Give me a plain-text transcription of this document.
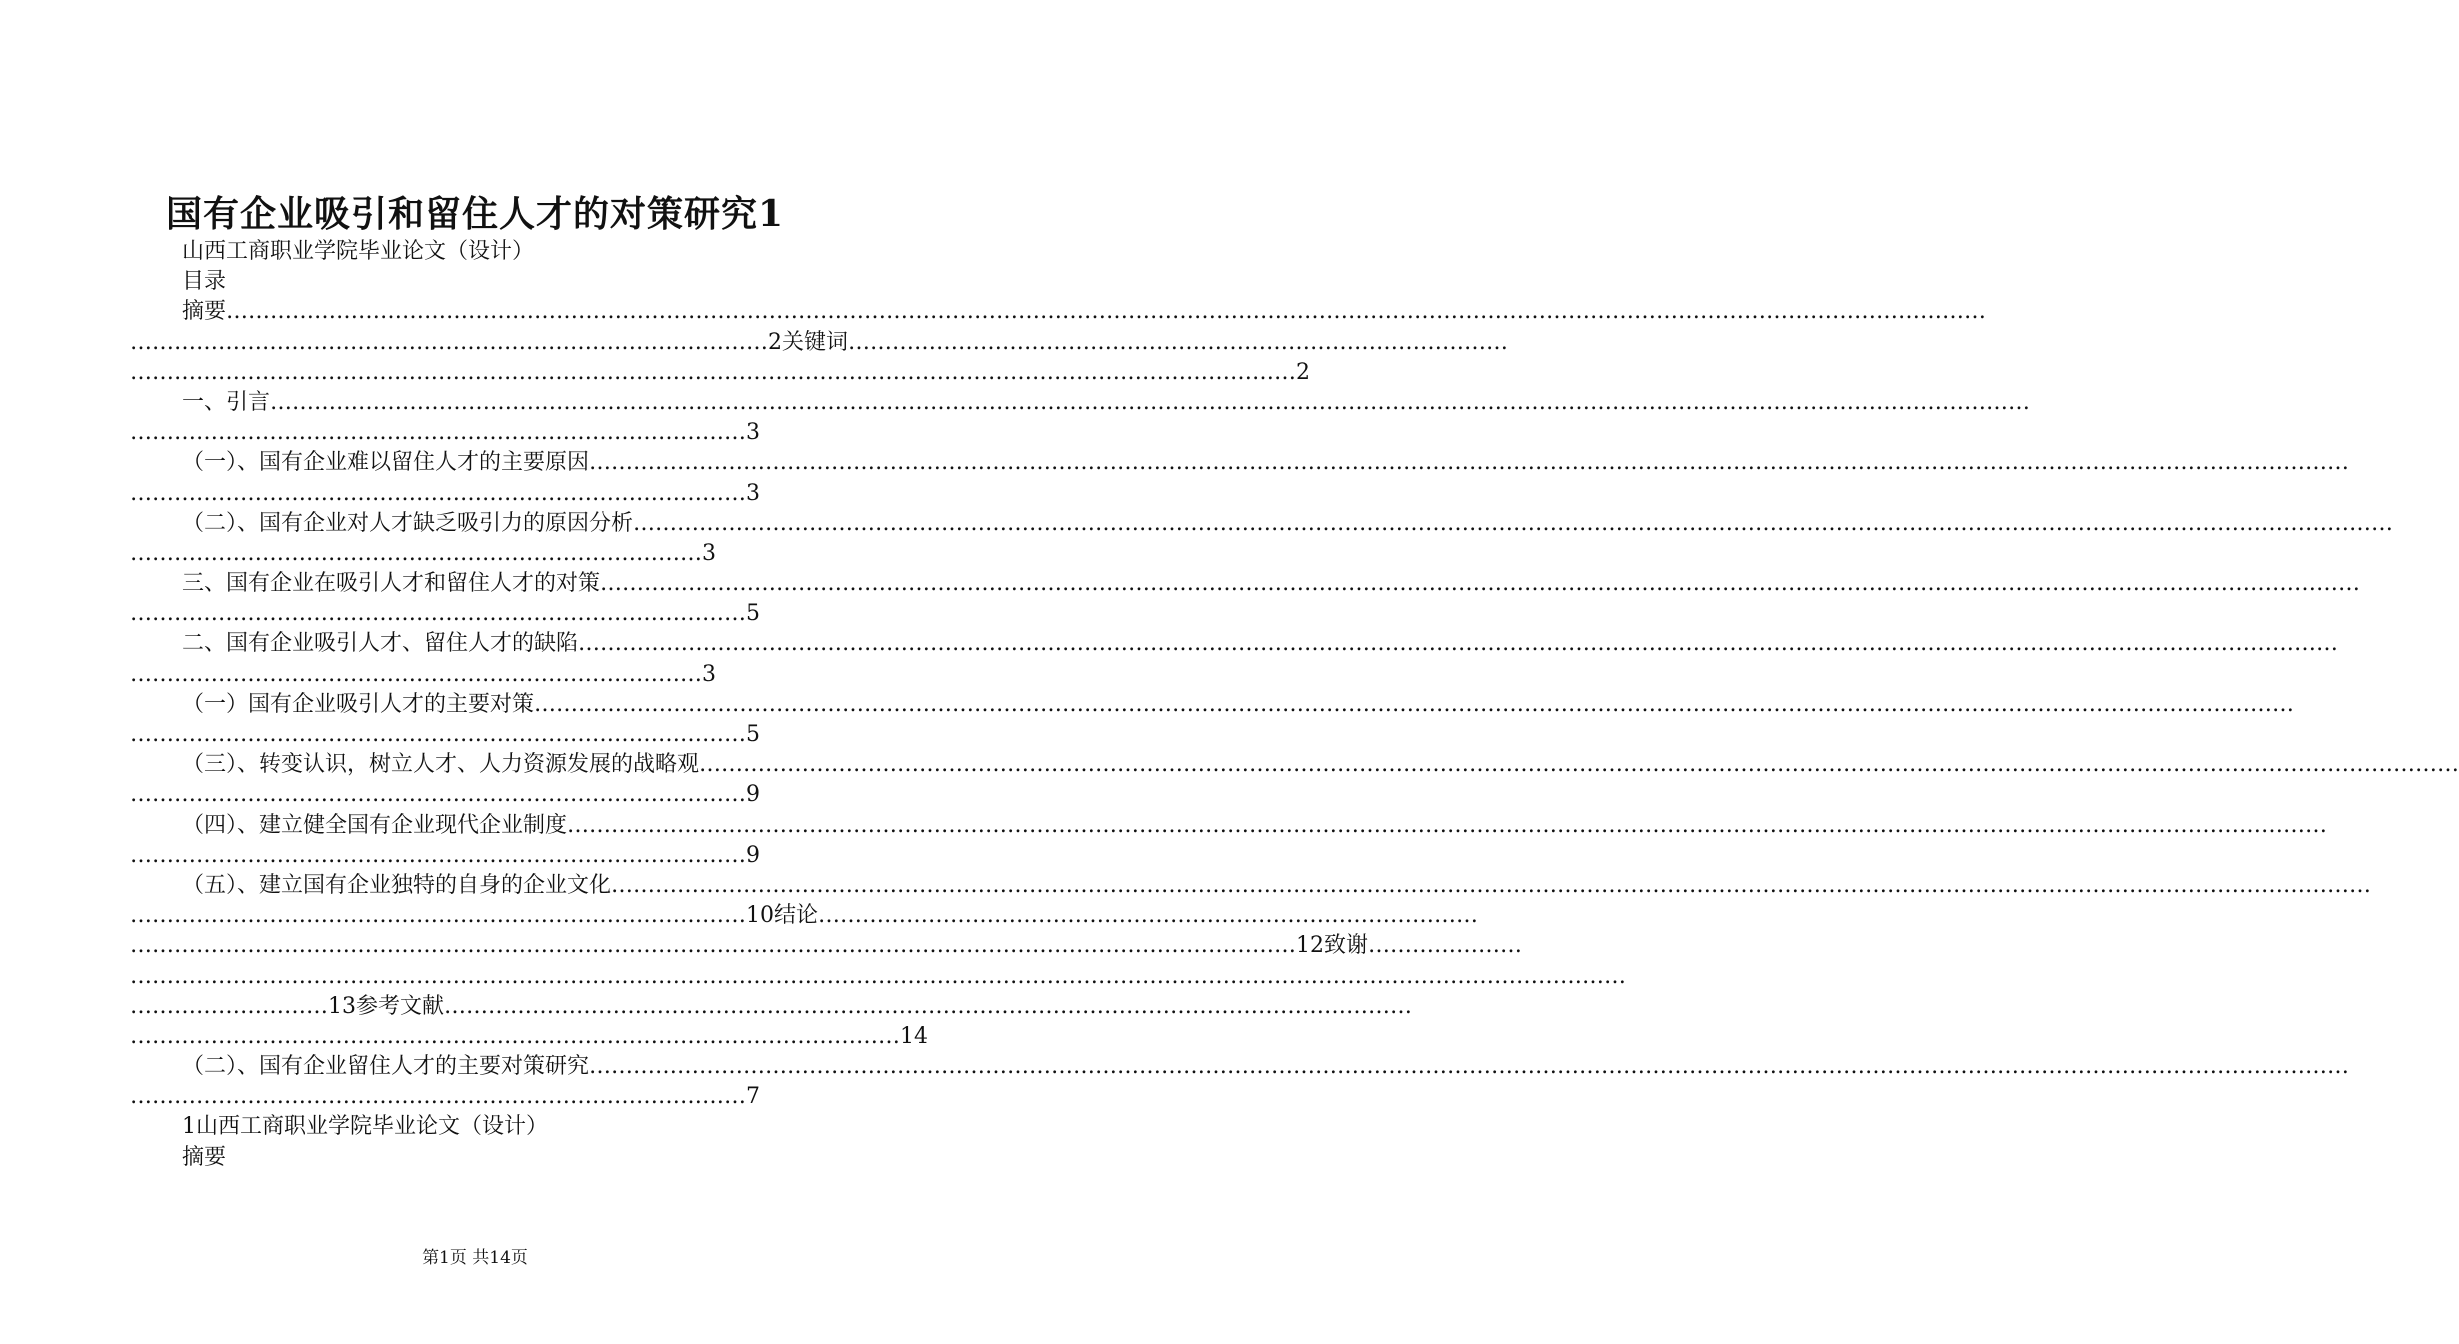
国有企业吸引和留住人才的对策研究1
山西工商职业学院毕业论文（设计）
目录
摘要 ……………………………………………………………………………………………………………………………………………………………………………………………………………………
……………………………………………………………………………2关键词………………………………………………………………………………
……………………………………………………………………………………………………………………………………………2
一、引言 ……………………………………………………………………………………………………………………………………………………………………………………………………………………
…………………………………………………………………………3
（一）、国有企业难以留住人才的主要原因 ……………………………………………………………………………………………………………………………………………………………………………………………………………………
…………………………………………………………………………3
（二）、国有企业对人才缺乏吸引力的原因分析 ……………………………………………………………………………………………………………………………………………………………………………………………………………………
……………………………………………………………………3
三、国有企业在吸引人才和留住人才的对策 ……………………………………………………………………………………………………………………………………………………………………………………………………………………
…………………………………………………………………………5
二、国有企业吸引人才、留住人才的缺陷 ……………………………………………………………………………………………………………………………………………………………………………………………………………………
……………………………………………………………………3
（一）国有企业吸引人才的主要对策 ……………………………………………………………………………………………………………………………………………………………………………………………………………………
…………………………………………………………………………5
（三）、转变认识，树立人才、人力资源发展的战略观 ……………………………………………………………………………………………………………………………………………………………………………………………………………………
…………………………………………………………………………9
（四）、建立健全国有企业现代企业制度 ……………………………………………………………………………………………………………………………………………………………………………………………………………………
…………………………………………………………………………9
（五）、建立国有企业独特的自身的企业文化 ……………………………………………………………………………………………………………………………………………………………………………………………………………………
…………………………………………………………………………10结论………………………………………………………………………………
……………………………………………………………………………………………………………………………………………12致谢…………………
……………………………………………………………………………………………………………………………………………………………………………………
………………………13参考文献……………………………………………………………………………………………………………………
……………………………………………………………………………………………14
（二）、国有企业留住人才的主要对策研究 ……………………………………………………………………………………………………………………………………………………………………………………………………………………
…………………………………………………………………………7
1山西工商职业学院毕业论文（设计）
摘要
第1页 共14页
